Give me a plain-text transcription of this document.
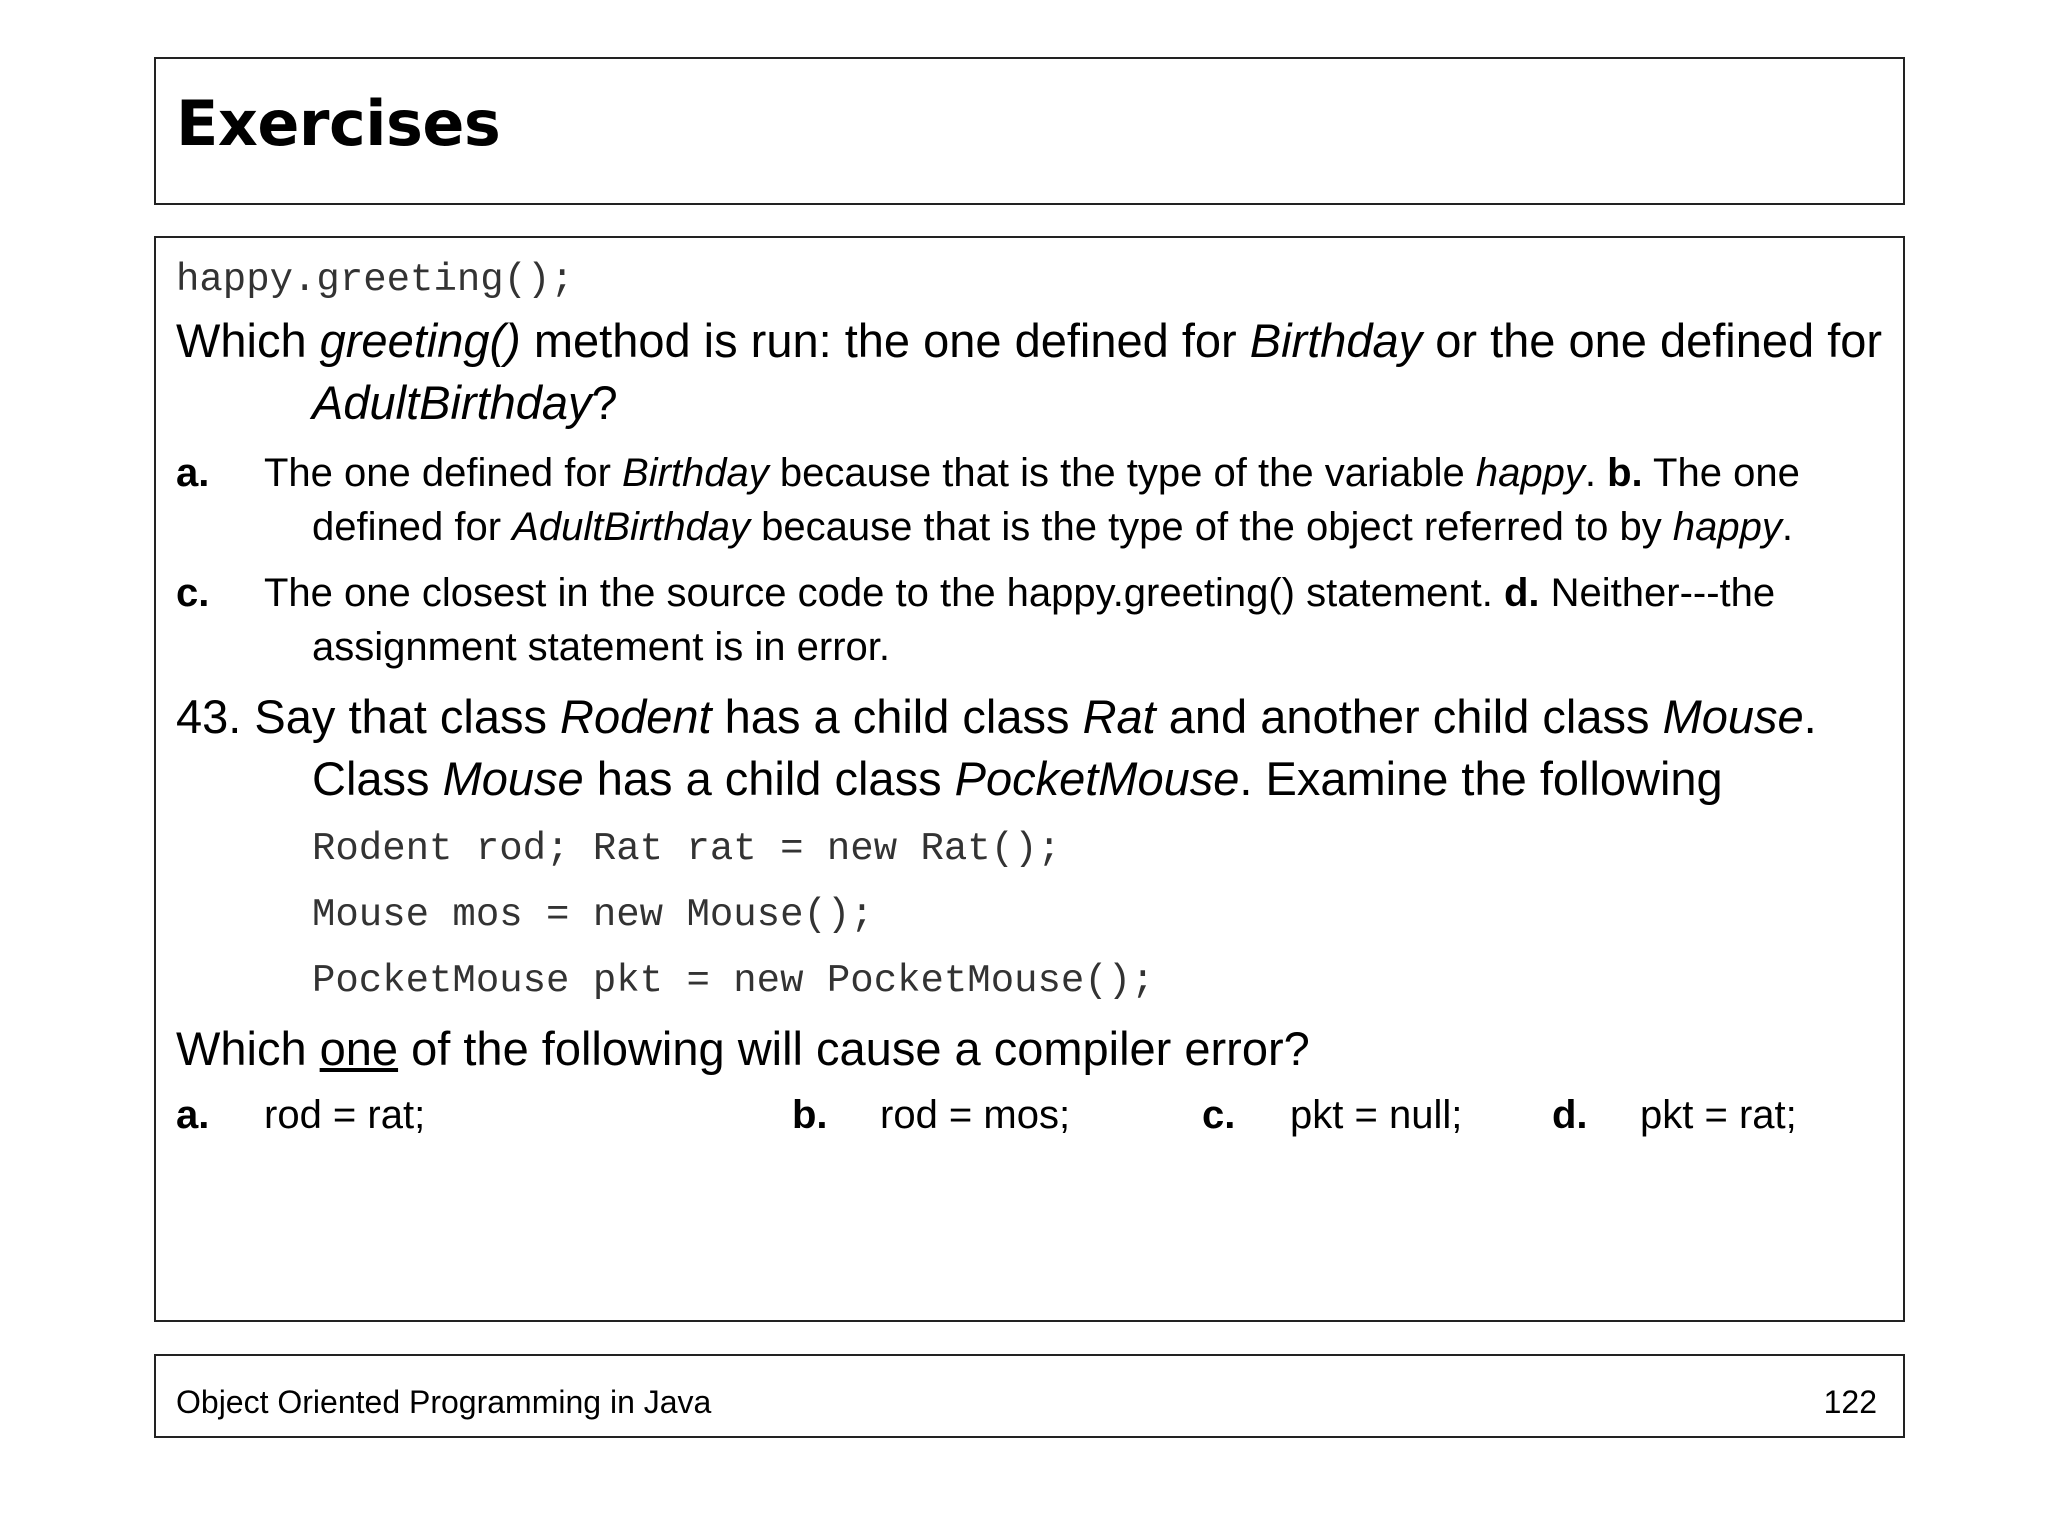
Exercises
happy.greeting();

Which greeting() method is run: the one defined for Birthday or the one defined for AdultBirthday?

a. The one defined for Birthday because that is the type of the variable happy. b. The one defined for AdultBirthday because that is the type of the object referred to by happy.

c. The one closest in the source code to the happy.greeting() statement. d. Neither---the assignment statement is in error.

43. Say that class Rodent has a child class Rat and another child class Mouse. Class Mouse has a child class PocketMouse. Examine the following

Rodent rod; Rat rat = new Rat();
Mouse mos = new Mouse();
PocketMouse pkt = new PocketMouse();

Which one of the following will cause a compiler error?

a. rod = rat;	b. rod = mos;	c. pkt = null; d. pkt = rat;
Object Oriented Programming in Java	122
